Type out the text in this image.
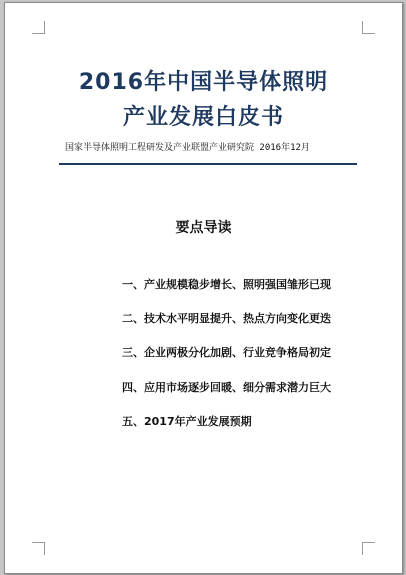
2016年中国半导体照明
产业发展白皮书
国家半导体照明工程研发及产业联盟产业研究院 2016年12月
要点导读
一、产业规模稳步增长、照明强国雏形已现
二、技术水平明显提升、热点方向变化更迭
三、企业两极分化加剧、行业竞争格局初定
四、应用市场逐步回暖、细分需求潜力巨大
五、2017年产业发展预期
